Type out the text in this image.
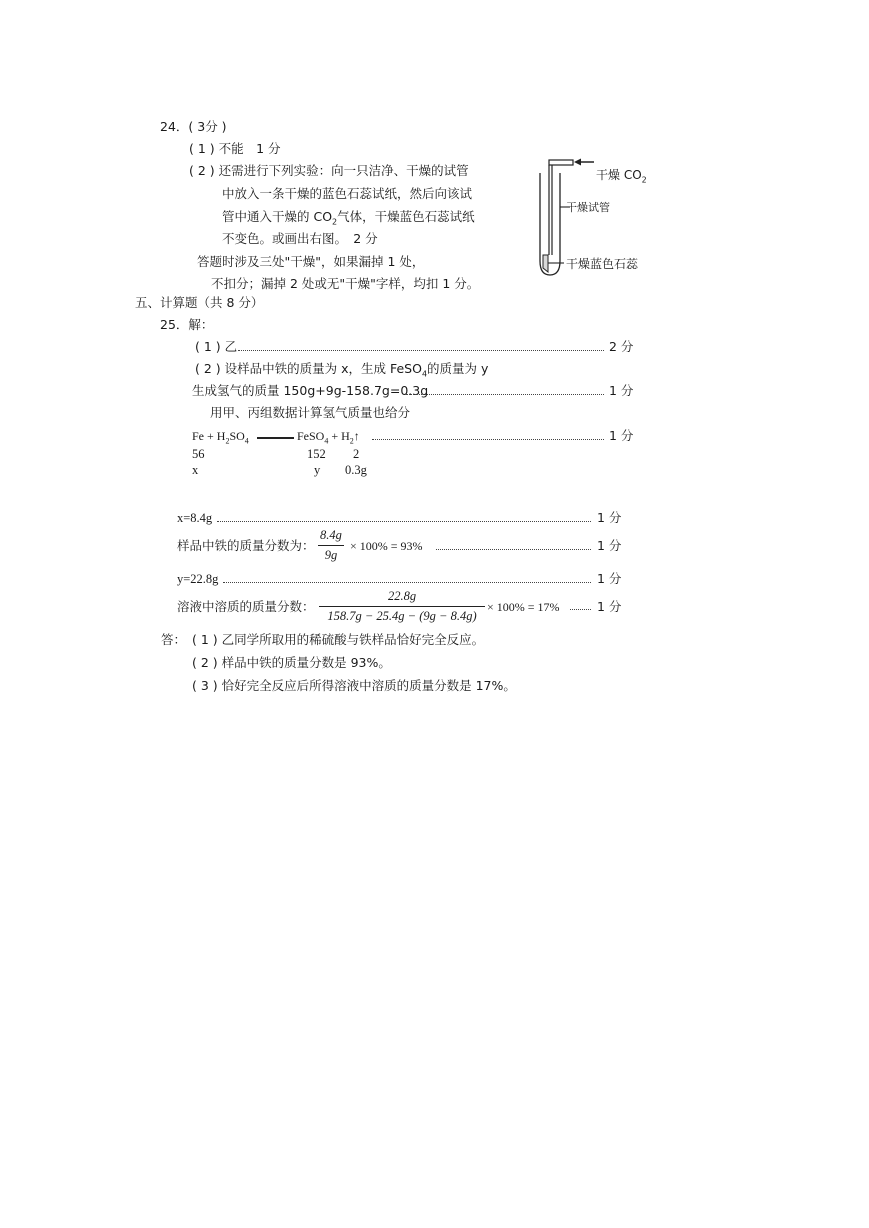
24．( 3分 )
( 1 ) 不能　1 分
( 2 ) 还需进行下列实验：向一只洁净、干燥的试管
中放入一条干燥的蓝色石蕊试纸，然后向该试
管中通入干燥的 $CO_2$气体，干燥蓝色石蕊试纸
不变色。或画出右图。　2 分
答题时涉及三处"干燥"，如果漏掉 1 处，
不扣分；漏掉 2 处或无"干燥"字样，均扣 1 分。
干燥 $CO_2$
干燥试管
干燥蓝色石蕊
五、计算题（共 8 分）
25．解：
( 1 ) 乙	2 分
( 2 ) 设样品中铁的质量为 x，生成 FeSO$_4$的质量为 y
生成氢气的质量 150g+9g-158.7g=0.3g	1 分
用甲、丙组数据计算氢气质量也给分
$Fe + H_2SO_4$	FeSO$_4$ + $H_2↑$	1 分
56	152 2
x	y 0.3g
x=8.4g	1 分
样品中铁的质量分数为： $\frac{8.4g}{9g} \times 100\% = 93\%$	1 分
y=22.8g	1 分
溶液中溶质的质量分数： $\frac{22.8g}{158.7g - 25.4g - (9g - 8.4g)} \times 100\% = 17\%$	1 分
答： ( 1 ) 乙同学所取用的稀硫酸与铁样品恰好完全反应。
( 2 ) 样品中铁的质量分数是 93%。
( 3 ) 恰好完全反应后所得溶液中溶质的质量分数是 17%。
